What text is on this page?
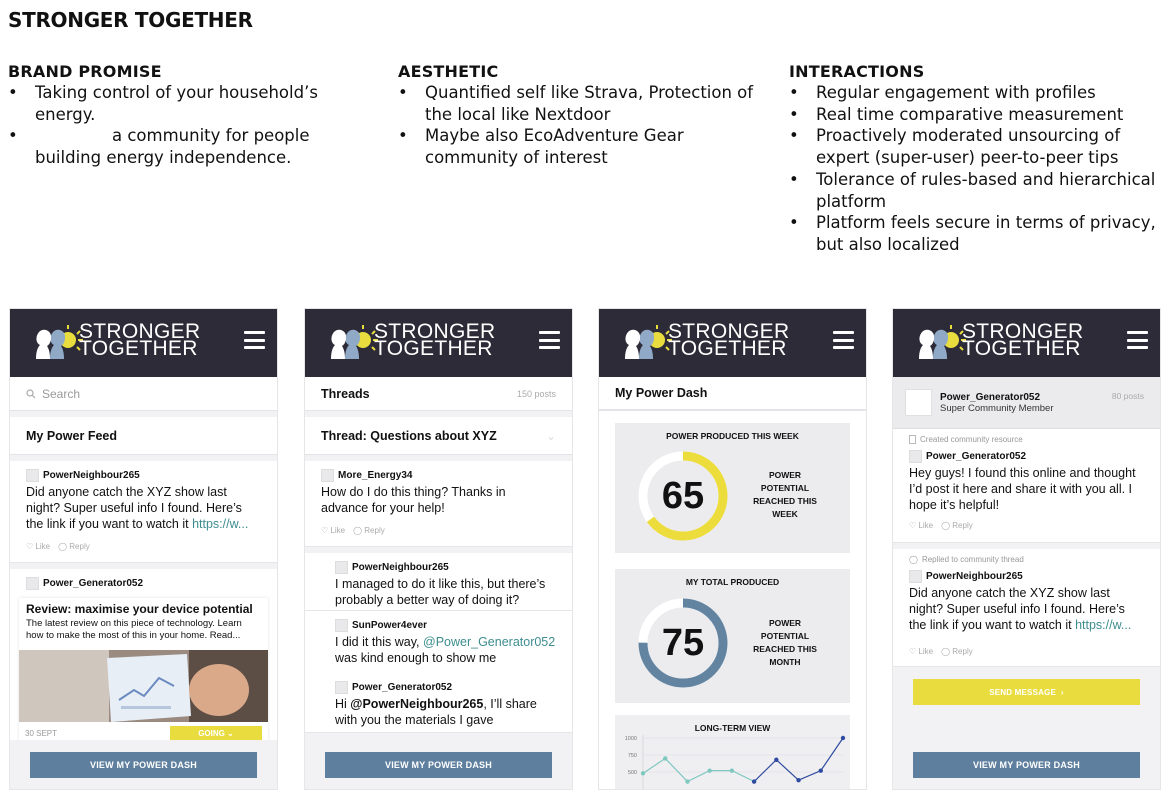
STRONGER TOGETHER
BRAND PROMISE
• Taking control of your household’s energy.
• a community for people building energy independence.
AESTHETIC
• Quantified self like Strava, Protection of the local like Nextdoor
• Maybe also EcoAdventure Gear community of interest
INTERACTIONS
• Regular engagement with profiles
• Real time comparative measurement
• Proactively moderated unsourcing of expert (super-user) peer-to-peer tips
• Tolerance of rules-based and hierarchical platform
• Platform feels secure in terms of privacy, but also localized
STRONGER
TOGETHER
Search
My Power Feed
PowerNeighbour265
Did anyone catch the XYZ show last night? Super useful info I found. Here’s the link if you want to watch it https://w...
♡ Like ◯ Reply
Power_Generator052
Review: maximise your device potential
The latest review on this piece of technology. Learn how to make the most of this in your home. Read...
30 SEPT	GOING
⌄
VIEW MY POWER DASH
STRONGER
TOGETHER
Threads	150 posts
Thread: Questions about XYZ	⌄
More_Energy34
How do I do this thing? Thanks in advance for your help!
♡ Like ◯ Reply
PowerNeighbour265
I managed to do it like this, but there’s probably a better way of doing it?
SunPower4ever
I did it this way, @Power_Generator052 was kind enough to show me
Power_Generator052
Hi @PowerNeighbour265, I’ll share with you the materials I gave
VIEW MY POWER DASH
STRONGER
TOGETHER
My Power Dash
POWER PRODUCED THIS WEEK
65	POWER POTENTIAL REACHED THIS WEEK
MY TOTAL PRODUCED
75	POWER POTENTIAL REACHED THIS MONTH
LONG-TERM VIEW
1000
750
500
STRONGER
TOGETHER
Power_Generator052
Super Community Member
80 posts
Created community resource
Power_Generator052
Hey guys! I found this online and thought I’d post it here and share it with you all. I hope it’s helpful!
♡ Like ◯ Reply
◯ Replied to community thread
PowerNeighbour265
Did anyone catch the XYZ show last night? Super useful info I found. Here’s the link if you want to watch it https://w...
♡ Like ◯ Reply
SEND MESSAGE
›
VIEW MY POWER DASH
